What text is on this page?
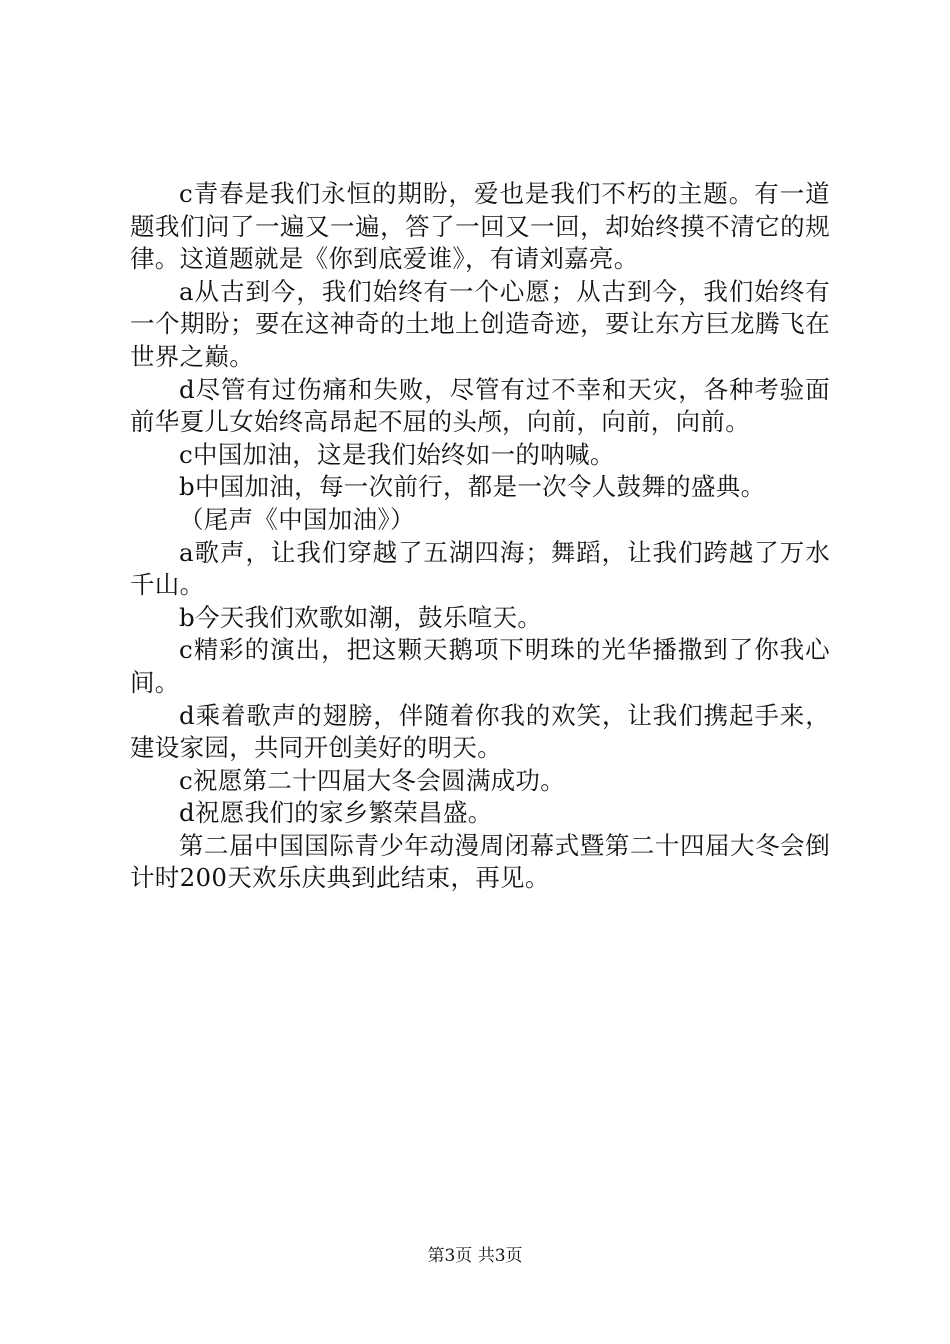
c青春是我们永恒的期盼，爱也是我们不朽的主题。有一道题我们问了一遍又一遍，答了一回又一回，却始终摸不清它的规律。这道题就是《你到底爱谁》，有请刘嘉亮。

a从古到今，我们始终有一个心愿；从古到今，我们始终有一个期盼；要在这神奇的土地上创造奇迹，要让东方巨龙腾飞在世界之巅。

d尽管有过伤痛和失败，尽管有过不幸和天灾，各种考验面前华夏儿女始终高昂起不屈的头颅，向前，向前，向前。

c中国加油，这是我们始终如一的呐喊。

b中国加油，每一次前行，都是一次令人鼓舞的盛典。

（尾声《中国加油》）

a歌声，让我们穿越了五湖四海；舞蹈，让我们跨越了万水千山。

b今天我们欢歌如潮，鼓乐喧天。

c精彩的演出，把这颗天鹅项下明珠的光华播撒到了你我心间。

d乘着歌声的翅膀，伴随着你我的欢笑，让我们携起手来，建设家园，共同开创美好的明天。

c祝愿第二十四届大冬会圆满成功。

d祝愿我们的家乡繁荣昌盛。

第二届中国国际青少年动漫周闭幕式暨第二十四届大冬会倒计时200天欢乐庆典到此结束，再见。

第3页 共3页
